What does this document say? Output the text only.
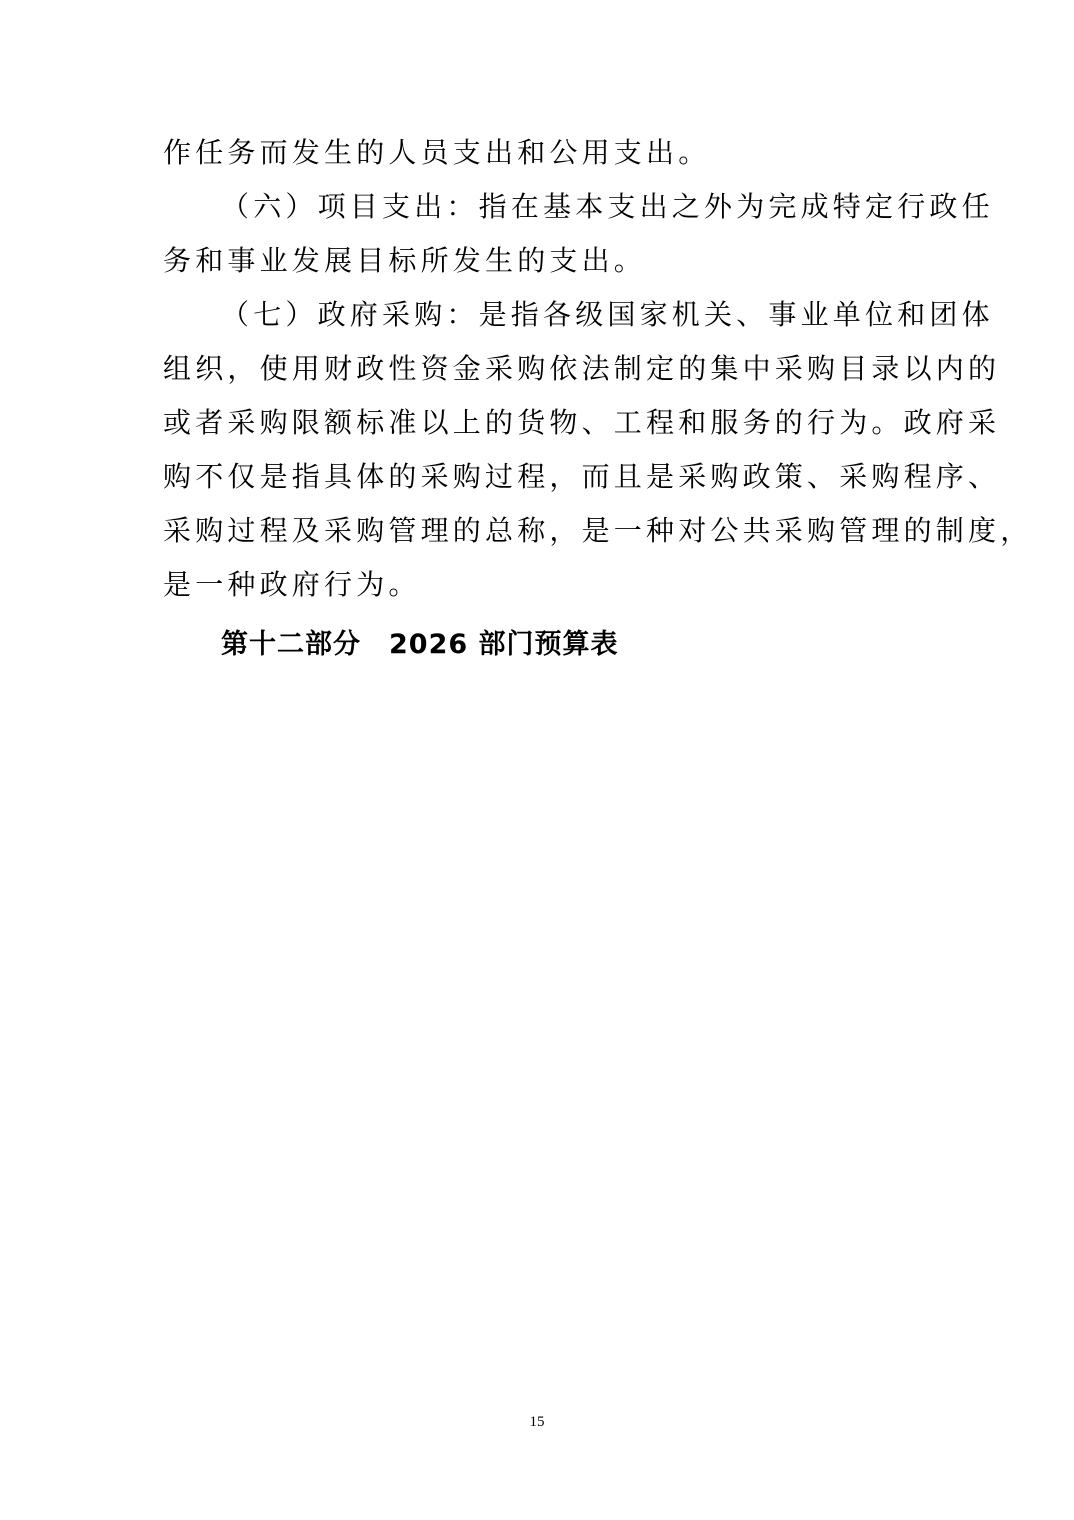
作任务而发生的人员支出和公用支出。
（六）项目支出：指在基本支出之外为完成特定行政任
务和事业发展目标所发生的支出。
（七）政府采购：是指各级国家机关、事业单位和团体
组织，使用财政性资金采购依法制定的集中采购目录以内的
或者采购限额标准以上的货物、工程和服务的行为。政府采
购不仅是指具体的采购过程，而且是采购政策、采购程序、
采购过程及采购管理的总称，是一种对公共采购管理的制度，
是一种政府行为。
第十二部分 2026 部门预算表
15
